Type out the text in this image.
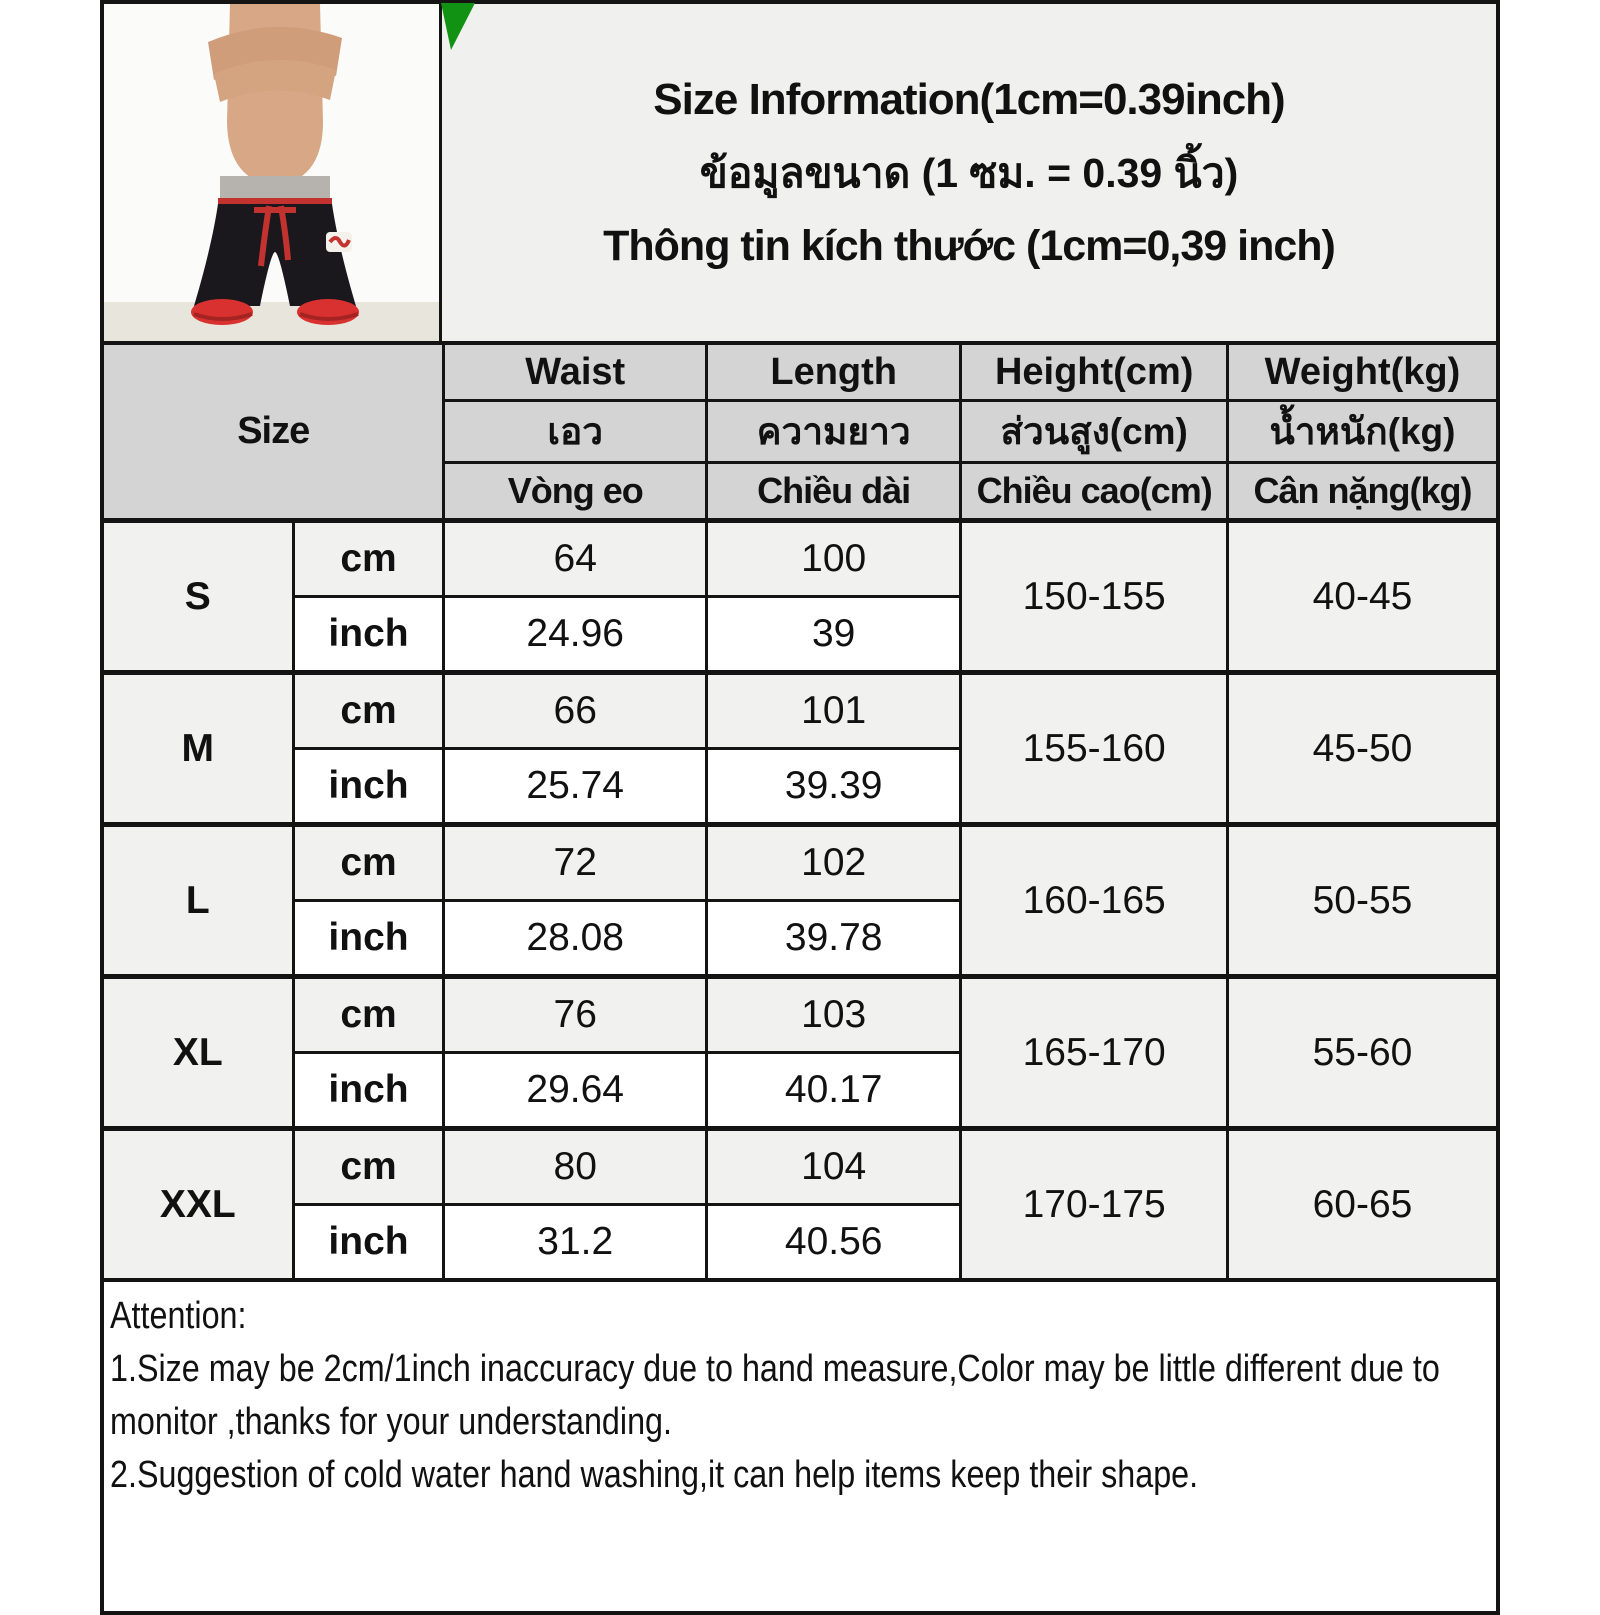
Size Information(1cm=0.39inch)
ข้อมูลขนาด (1 ซม. = 0.39 นิ้ว)
Thông tin kích thước (1cm=0,39 inch)
Size		Waist	Length	Height(cm)	Weight(kg)
		เอว	ความยาว	ส่วนสูง(cm)	น้ำหนัก(kg)
		Vòng eo	Chiều dài	Chiều cao(cm)	Cân nặng(kg)
S	cm	64	100	150-155	40-45
	inch	24.96	39		
M	cm	66	101	155-160	45-50
	inch	25.74	39.39		
L	cm	72	102	160-165	50-55
	inch	28.08	39.78		
XL	cm	76	103	165-170	55-60
	inch	29.64	40.17		
XXL	cm	80	104	170-175	60-65
	inch	31.2	40.56		

Attention:

1.Size may be 2cm/1inch inaccuracy due to hand measure,Color may be little different due to monitor ,thanks for your understanding.

2.Suggestion of cold water hand washing,it can help items keep their shape.
